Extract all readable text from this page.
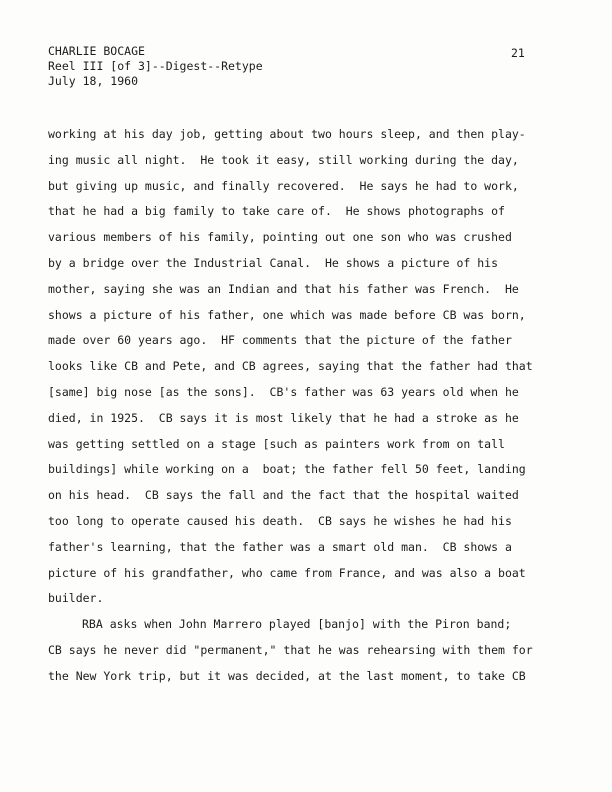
CHARLIE BOCAGE
Reel III [of 3]--Digest--Retype
July 18, 1960
21
working at his day job, getting about two hours sleep, and then play-
ing music all night.  He took it easy, still working during the day,
but giving up music, and finally recovered.  He says he had to work,
that he had a big family to take care of.  He shows photographs of
various members of his family, pointing out one son who was crushed
by a bridge over the Industrial Canal.  He shows a picture of his
mother, saying she was an Indian and that his father was French.  He
shows a picture of his father, one which was made before CB was born,
made over 60 years ago.  HF comments that the picture of the father
looks like CB and Pete, and CB agrees, saying that the father had that
[same] big nose [as the sons].  CB's father was 63 years old when he
died, in 1925.  CB says it is most likely that he had a stroke as he
was getting settled on a stage [such as painters work from on tall
buildings] while working on a  boat; the father fell 50 feet, landing
on his head.  CB says the fall and the fact that the hospital waited
too long to operate caused his death.  CB says he wishes he had his
father's learning, that the father was a smart old man.  CB shows a
picture of his grandfather, who came from France, and was also a boat
builder.
RBA asks when John Marrero played [banjo] with the Piron band;
CB says he never did "permanent," that he was rehearsing with them for
the New York trip, but it was decided, at the last moment, to take CB
